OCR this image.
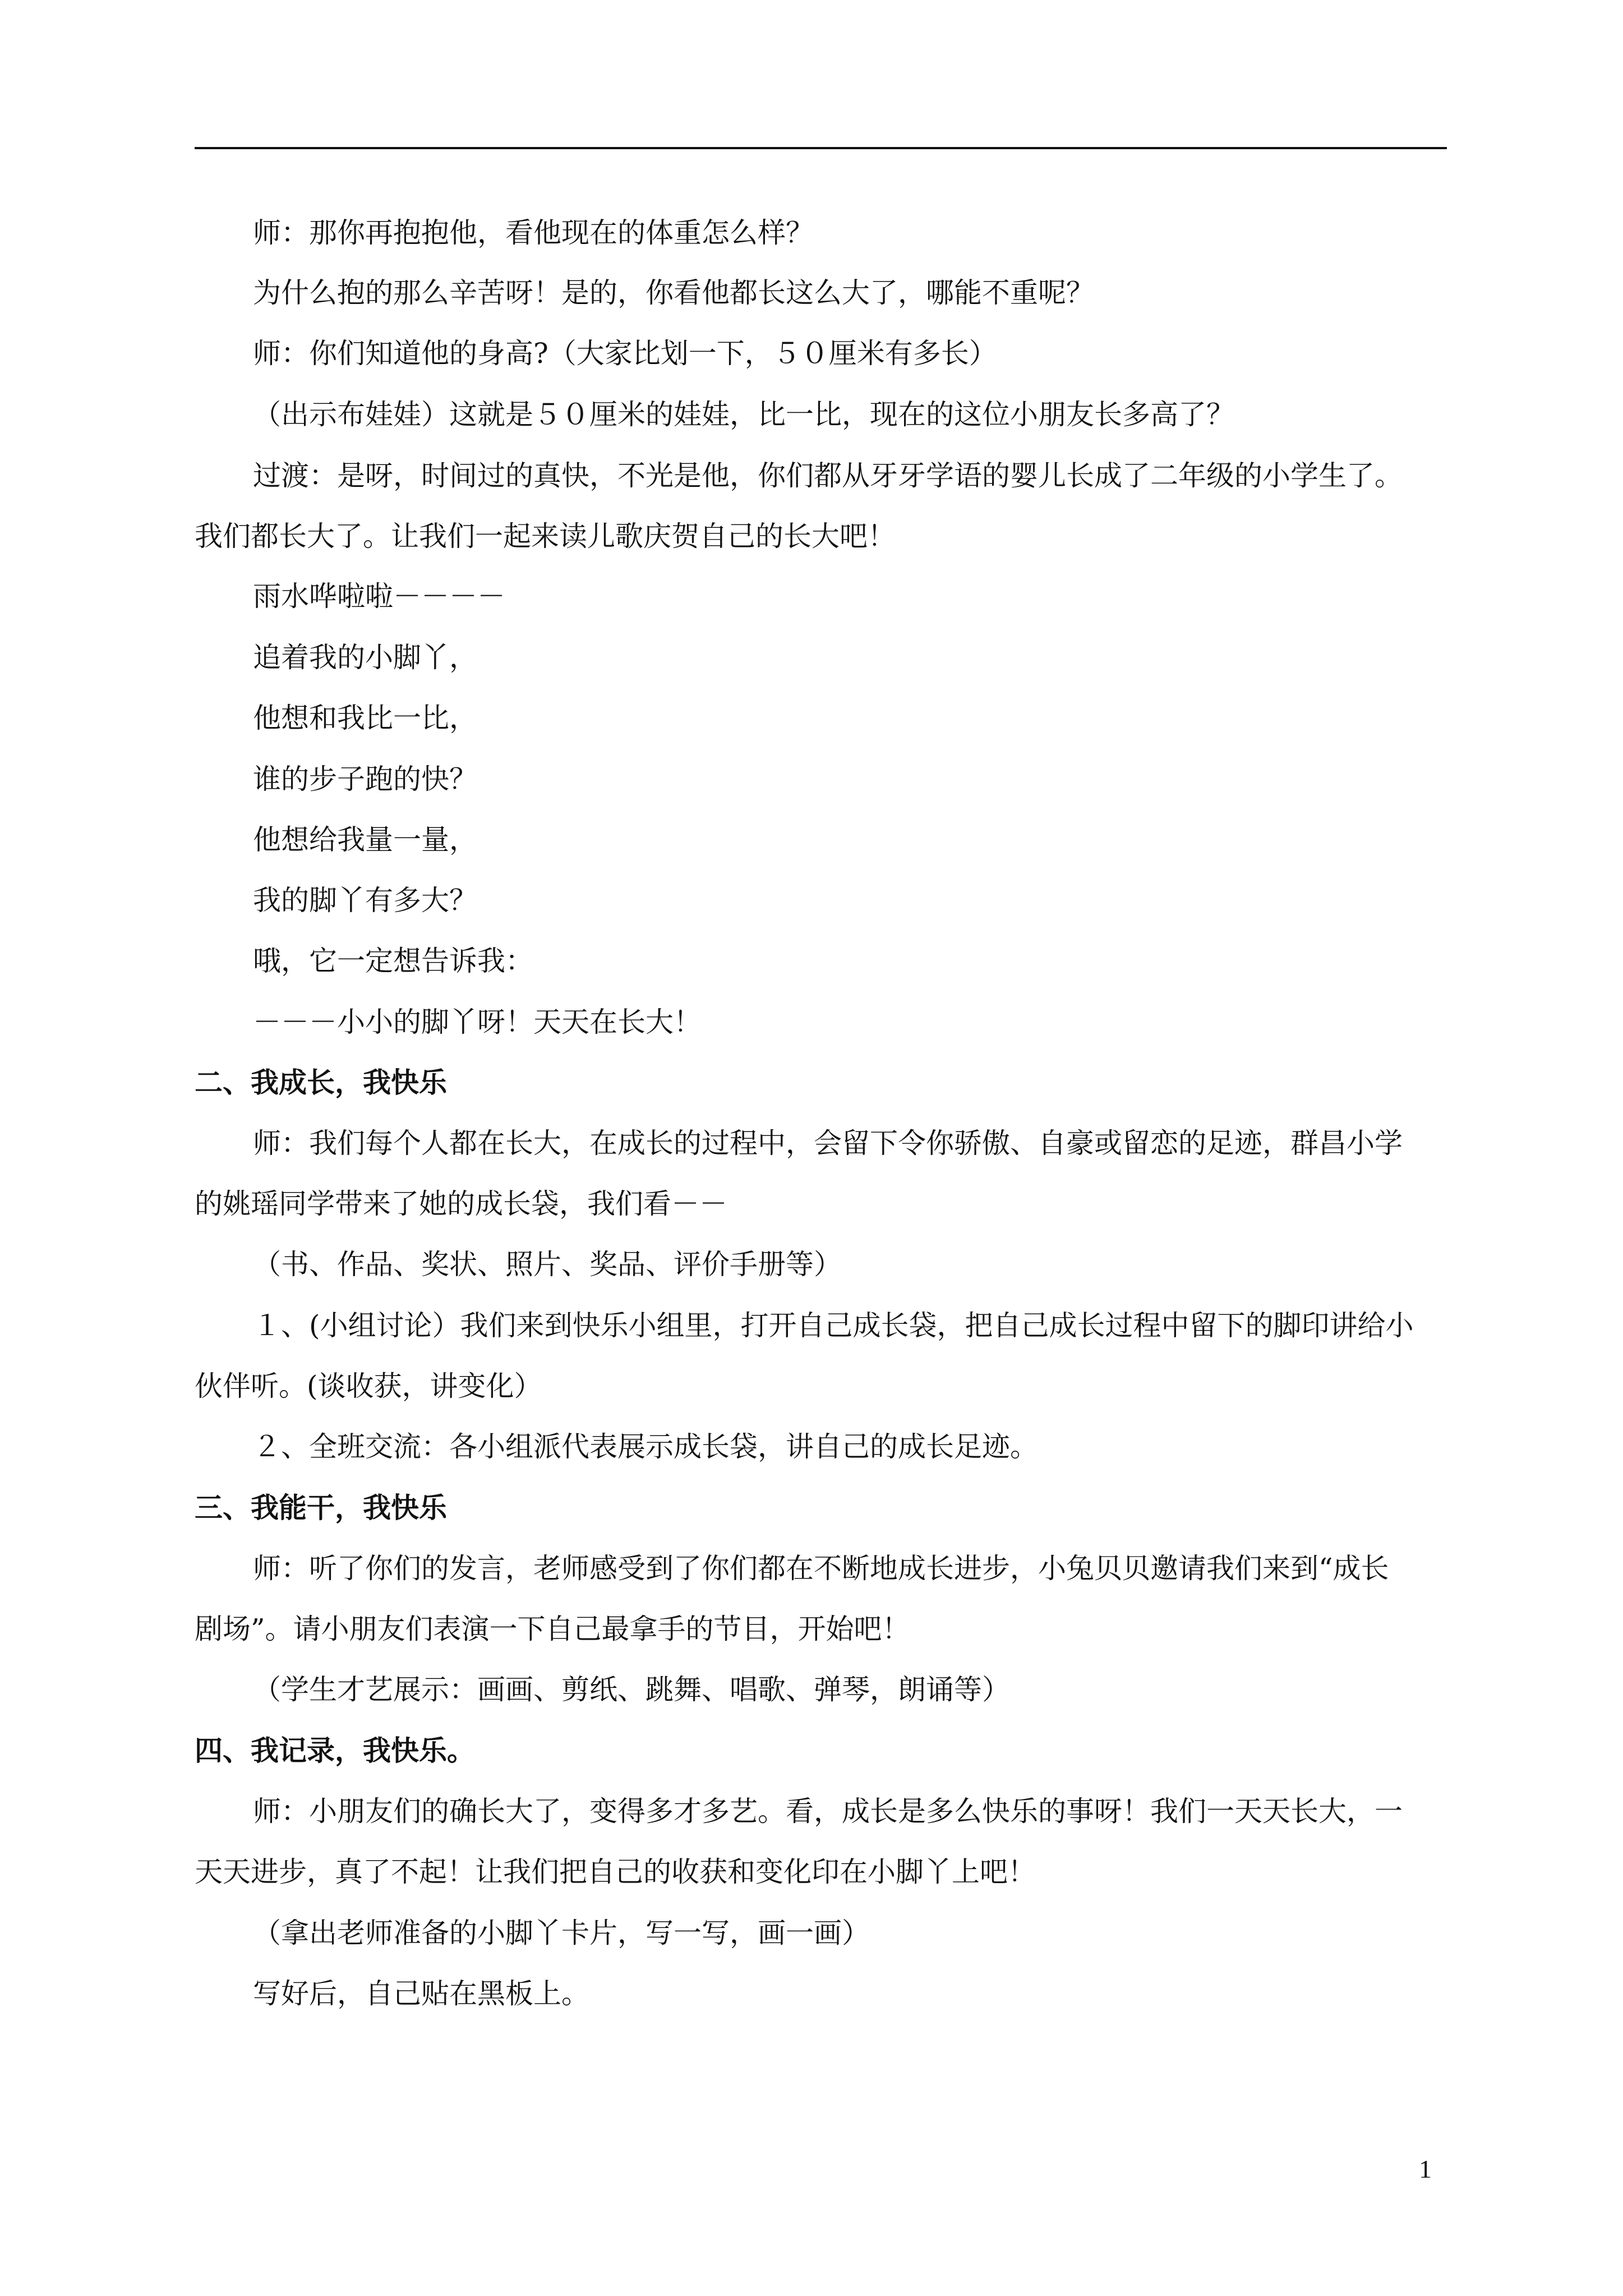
师：那你再抱抱他，看他现在的体重怎么样？
为什么抱的那么辛苦呀！是的，你看他都长这么大了，哪能不重呢？
师：你们知道他的身高?（大家比划一下，５０厘米有多长）
（出示布娃娃）这就是５０厘米的娃娃，比一比，现在的这位小朋友长多高了？
过渡：是呀，时间过的真快，不光是他，你们都从牙牙学语的婴儿长成了二年级的小学生了。
我们都长大了。让我们一起来读儿歌庆贺自己的长大吧！
雨水哗啦啦－－－－
追着我的小脚丫，
他想和我比一比，
谁的步子跑的快？
他想给我量一量，
我的脚丫有多大？
哦，它一定想告诉我：
－－－小小的脚丫呀！天天在长大！
二、我成长，我快乐
师：我们每个人都在长大，在成长的过程中，会留下令你骄傲、自豪或留恋的足迹，群昌小学
的姚瑶同学带来了她的成长袋，我们看－－
（书、作品、奖状、照片、奖品、评价手册等）
１、(小组讨论）我们来到快乐小组里，打开自己成长袋，把自己成长过程中留下的脚印讲给小
伙伴听。(谈收获，讲变化）
２、全班交流：各小组派代表展示成长袋，讲自己的成长足迹。
三、我能干，我快乐
师：听了你们的发言，老师感受到了你们都在不断地成长进步，小兔贝贝邀请我们来到“成长
剧场”。请小朋友们表演一下自己最拿手的节目，开始吧！
（学生才艺展示：画画、剪纸、跳舞、唱歌、弹琴，朗诵等）
四、我记录，我快乐。
师：小朋友们的确长大了，变得多才多艺。看，成长是多么快乐的事呀！我们一天天长大，一
天天进步，真了不起！让我们把自己的收获和变化印在小脚丫上吧！
（拿出老师准备的小脚丫卡片，写一写，画一画）
写好后，自己贴在黑板上。
1
